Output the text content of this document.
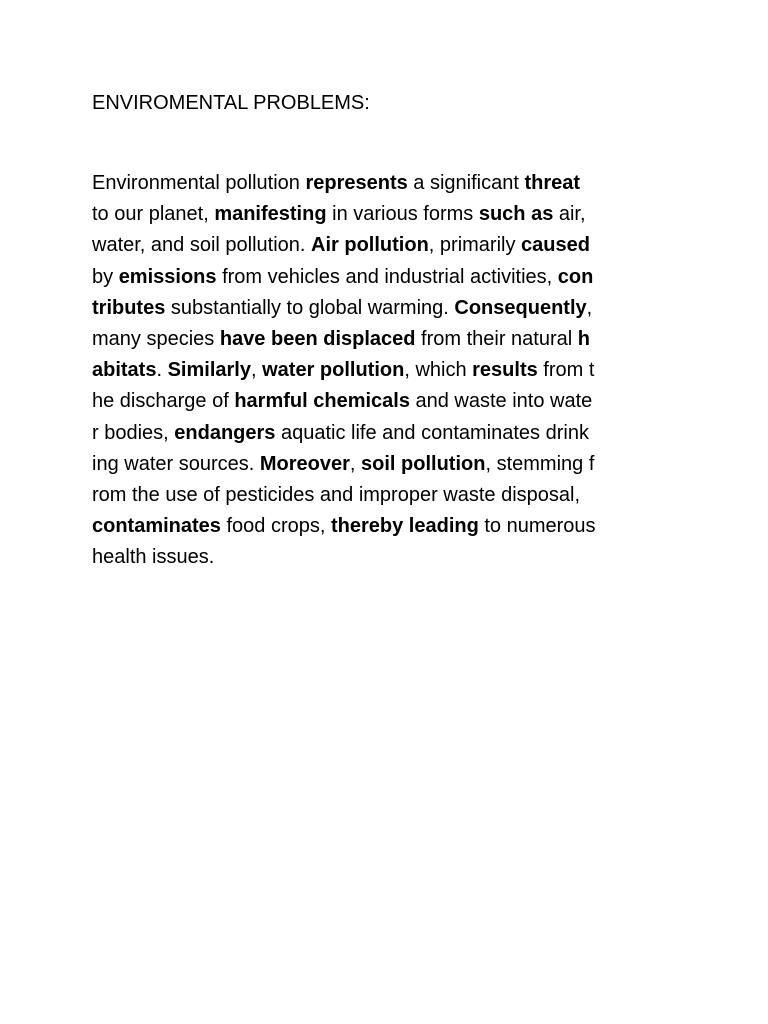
ENVIROMENTAL PROBLEMS:
Environmental pollution represents a significant threat
to our planet, manifesting in various forms such as air,
water, and soil pollution. Air pollution, primarily caused
by emissions from vehicles and industrial activities, con
tributes substantially to global warming. Consequently,
many species have been displaced from their natural h
abitats. Similarly, water pollution, which results from t
he discharge of harmful chemicals and waste into wate
r bodies, endangers aquatic life and contaminates drink
ing water sources. Moreover, soil pollution, stemming f
rom the use of pesticides and improper waste disposal,
contaminates food crops, thereby leading to numerous
health issues.
